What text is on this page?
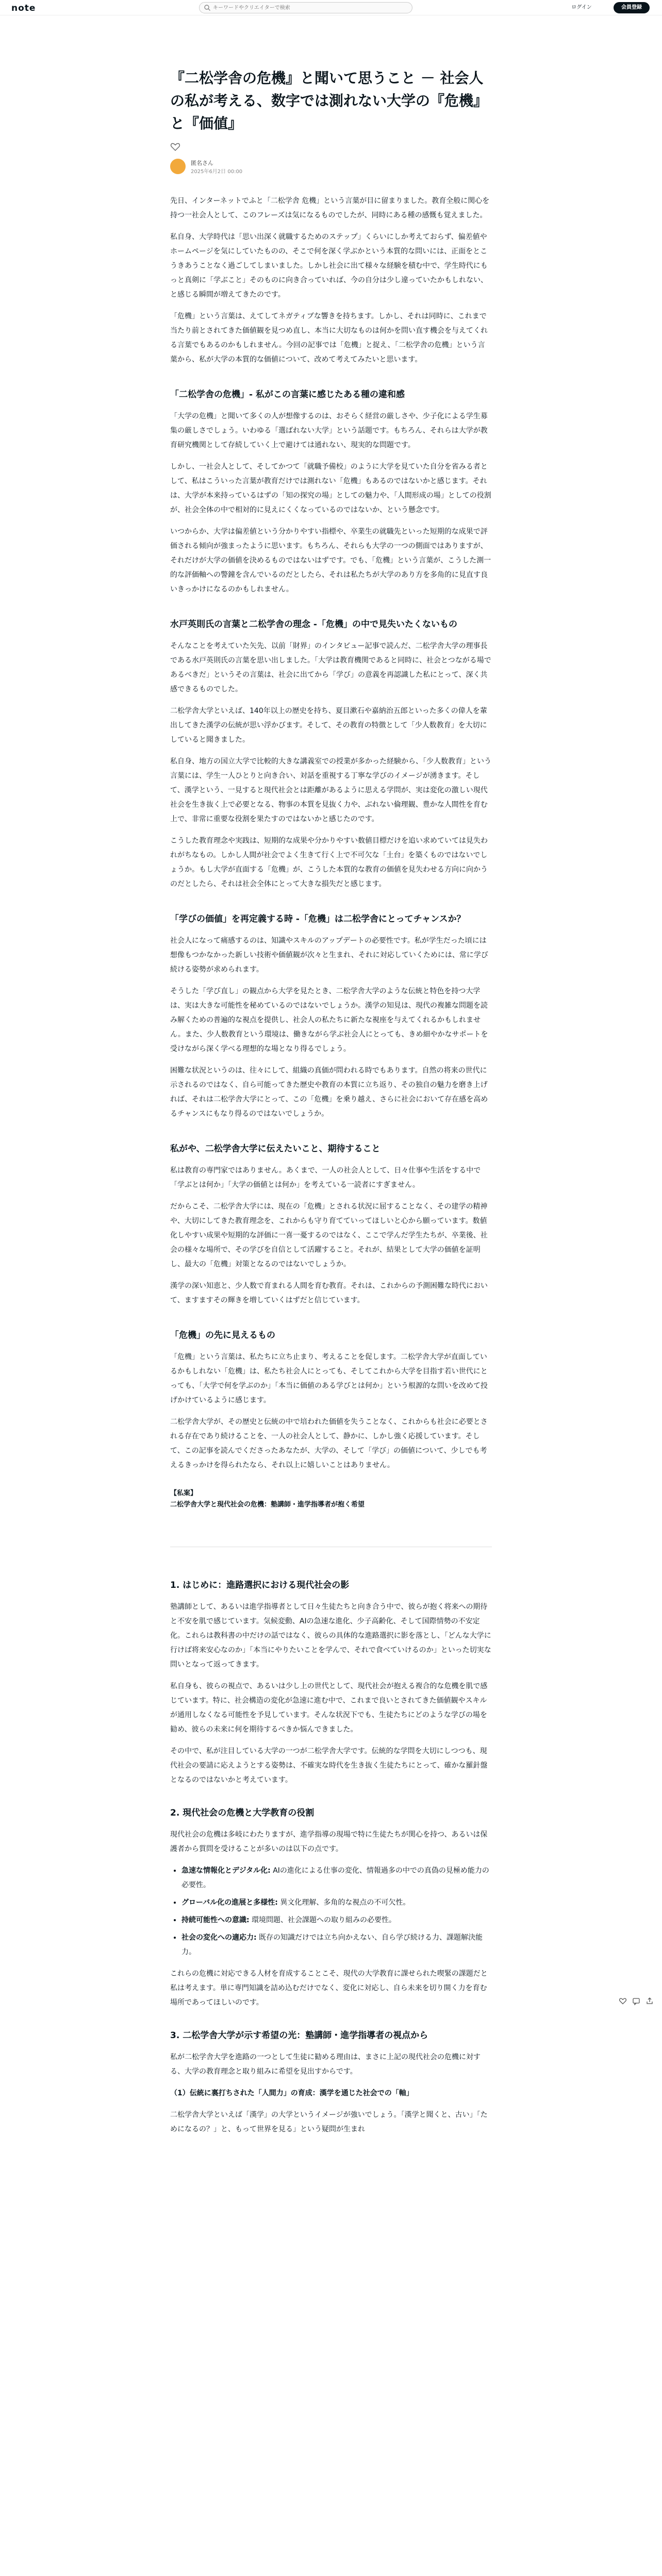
note
キーワードやクリエイターで検索	ログイン	会員登録
『二松学舎の危機』と聞いて思うこと － 社会人の私が考える、数字では測れない大学の『危機』と『価値』
匿名さん
2025年6月2日 00:00

先日、インターネットでふと「二松学舎 危機」という言葉が目に留まりました。教育全般に関心を持つ一社会人として、このフレーズは気になるものでしたが、同時にある種の感慨も覚えました。

私自身、大学時代は「思い出深く就職するためのステップ」くらいにしか考えておらず、偏差値やホームページを気にしていたものの、そこで何を深く学ぶかという本質的な問いには、正面をとこうきあうことなく過ごしてしまいました。しかし社会に出て様々な経験を積む中で、学生時代にもっと真剣に「学ぶこと」そのものに向き合っていれば、今の自分は少し違っていたかもしれない、と感じる瞬間が増えてきたのです。

「危機」という言葉は、えてしてネガティブな響きを持ちます。しかし、それは同時に、これまで当たり前とされてきた価値観を見つめ直し、本当に大切なものは何かを問い直す機会を与えてくれる言葉でもあるのかもしれません。今回の記事では「危機」と捉え、「二松学舎の危機」という言葉から、私が大学の本質的な価値について、改めて考えてみたいと思います。

「二松学舎の危機」- 私がこの言葉に感じたある種の違和感

「大学の危機」と聞いて多くの人が想像するのは、おそらく経営の厳しさや、少子化による学生募集の厳しさでしょう。いわゆる「選ばれない大学」という話題です。もちろん、それらは大学が教育研究機関として存続していく上で避けては通れない、現実的な問題です。

しかし、一社会人として、そしてかつて「就職予備校」のように大学を見ていた自分を省みる者として、私はこういった言葉が教育だけでは測れない「危機」もあるのではないかと感じます。それは、大学が本来持っているはずの「知の探究の場」としての魅力や、「人間形成の場」としての役割が、社会全体の中で相対的に見えにくくなっているのではないか、という懸念です。

いつからか、大学は偏差値という分かりやすい指標や、卒業生の就職先といった短期的な成果で評価される傾向が強まったように思います。もちろん、それらも大学の一つの側面ではありますが、それだけが大学の価値を決めるものではないはずです。でも、「危機」という言葉が、こうした測一的な評価軸への警鐘を含んでいるのだとしたら、それは私たちが大学のあり方を多角的に見直す良いきっかけになるのかもしれません。

水戸英則氏の言葉と二松学舎の理念 -「危機」の中で見失いたくないもの

そんなことを考えていた矢先、以前「財界」のインタビュー記事で読んだ、二松学舎大学の理事長である水戸英則氏の言葉を思い出しました。「大学は教育機関であると同時に、社会とつながる場であるべきだ」というその言葉は、社会に出てから「学び」の意義を再認識した私にとって、深く共感できるものでした。

二松学舎大学といえば、140年以上の歴史を持ち、夏目漱石や嘉納治五郎といった多くの偉人を輩出してきた漢学の伝統が思い浮かびます。そして、その教育の特徴として「少人数教育」を大切にしていると聞きました。

私自身、地方の国立大学で比較的大きな講義室での授業が多かった経験から、「少人数教育」という言葉には、学生一人ひとりと向き合い、対話を重視する丁寧な学びのイメージが湧きます。そして、漢学という、一見すると現代社会とは距離があるように思える学問が、実は変化の激しい現代社会を生き抜く上で必要となる、物事の本質を見抜く力や、ぶれない倫理観、豊かな人間性を育む上で、非常に重要な役割を果たすのではないかと感じたのです。

こうした教育理念や実践は、短期的な成果や分かりやすい数値目標だけを追い求めていては見失われがちなもの。しかし人間が社会でよく生きて行く上で不可欠な「土台」を築くものではないでしょうか。もし大学が直面する「危機」が、こうした本質的な教育の価値を見失わせる方向に向かうのだとしたら、それは社会全体にとって大きな損失だと感じます。

「学びの価値」を再定義する時 -「危機」は二松学舎にとってチャンスか？

社会人になって痛感するのは、知識やスキルのアップデートの必要性です。私が学生だった頃には想像もつかなかった新しい技術や価値観が次々と生まれ、それに対応していくためには、常に学び続ける姿勢が求められます。

そうした「学び直し」の観点から大学を見たとき、二松学舎大学のような伝統と特色を持つ大学は、実は大きな可能性を秘めているのではないでしょうか。漢学の知見は、現代の複雑な問題を読み解くための普遍的な視点を提供し、社会人の私たちに新たな視座を与えてくれるかもしれません。また、少人数教育という環境は、働きながら学ぶ社会人にとっても、きめ細やかなサポートを受けながら深く学べる理想的な場となり得るでしょう。

困難な状況というのは、往々にして、組織の真価が問われる時でもあります。自然の将来の世代に示されるのではなく、自ら可能ってきた歴史や教育の本質に立ち返り、その独自の魅力を磨き上げれば、それは二松学舎大学にとって、この「危機」を乗り越え、さらに社会において存在感を高めるチャンスにもなり得るのではないでしょうか。

私がや、二松学舎大学に伝えたいこと、期待すること

私は教育の専門家ではありません。あくまで、一人の社会人として、日々仕事や生活をする中で「学ぶとは何か」「大学の価値とは何か」を考えている一読者にすぎません。

だからこそ、二松学舎大学には、現在の「危機」とされる状況に屈することなく、その建学の精神や、大切にしてきた教育理念を、これからも守り育てていってほしいと心から願っています。数値化しやすい成果や短期的な評価に一喜一憂するのではなく、ここで学んだ学生たちが、卒業後、社会の様々な場所で、その学びを自信として活躍すること。それが、結果として大学の価値を証明し、最大の「危機」対策となるのではないでしょうか。

漢学の深い知恵と、少人数で育まれる人間を育む教育。それは、これからの予測困難な時代において、ますますその輝きを増していくはずだと信じています。

「危機」の先に見えるもの

「危機」という言葉は、私たちに立ち止まり、考えることを促します。二松学舎大学が直面しているかもしれない「危機」は、私たち社会人にとっても、そしてこれから大学を目指す若い世代にとっても、「大学で何を学ぶのか」「本当に価値のある学びとは何か」という根源的な問いを改めて投げかけているように感じます。

二松学舎大学が、その歴史と伝統の中で培われた価値を失うことなく、これからも社会に必要とされる存在であり続けることを、一人の社会人として、静かに、しかし強く応援しています。そして、この記事を読んでくださったあなたが、大学の、そして「学び」の価値について、少しでも考えるきっかけを得られたなら、それ以上に嬉しいことはありません。

【私案】
二松学舎大学と現代社会の危機：塾講師・進学指導者が抱く希望
1. はじめに：進路選択における現代社会の影

塾講師として、あるいは進学指導者として日々生徒たちと向き合う中で、彼らが抱く将来への期待と不安を肌で感じています。気候変動、AIの急速な進化、少子高齢化、そして国際情勢の不安定化。これらは教科書の中だけの話ではなく、彼らの具体的な進路選択に影を落とし、「どんな大学に行けば将来安心なのか」「本当にやりたいことを学んで、それで食べていけるのか」といった切実な問いとなって返ってきます。

私自身も、彼らの視点で、あるいは少し上の世代として、現代社会が抱える複合的な危機を肌で感じています。特に、社会構造の変化が急速に進む中で、これまで良いとされてきた価値観やスキルが通用しなくなる可能性を予見しています。そんな状況下でも、生徒たちにどのような学びの場を勧め、彼らの未来に何を期待するべきか悩んできました。

その中で、私が注目している大学の一つが二松学舎大学です。伝統的な学問を大切にしつつも、現代社会の要請に応えようとする姿勢は、不確実な時代を生き抜く生徒たちにとって、確かな羅針盤となるのではないかと考えています。

2. 現代社会の危機と大学教育の役割

現代社会の危機は多岐にわたりますが、進学指導の現場で特に生徒たちが関心を持つ、あるいは保護者から質問を受けることが多いのは以下の点です。

• 急速な情報化とデジタル化: AIの進化による仕事の変化、情報過多の中での真偽の見極め能力の必要性。
• グローバル化の進展と多様性: 異文化理解、多角的な視点の不可欠性。
• 持続可能性への意識: 環境問題、社会課題への取り組みの必要性。
• 社会の変化への適応力: 既存の知識だけでは立ち向かえない、自ら学び続ける力、課題解決能力。

これらの危機に対応できる人材を育成することこそ、現代の大学教育に課せられた喫緊の課題だと私は考えます。単に専門知識を詰め込むだけでなく、変化に対応し、自ら未来を切り開く力を育む場所であってほしいのです。

3. 二松学舎大学が示す希望の光：塾講師・進学指導者の視点から

私が二松学舎大学を進路の一つとして生徒に勧める理由は、まさに上記の現代社会の危機に対する、大学の教育理念と取り組みに希望を見出すからです。

（1）伝統に裏打ちされた「人間力」の育成：漢学を通じた社会での「軸」

二松学舎大学といえば「漢学」の大学というイメージが強いでしょう。「漢学と聞くと、古い」「ためになるの？」と、もって世界を見る」という疑問が生まれ
